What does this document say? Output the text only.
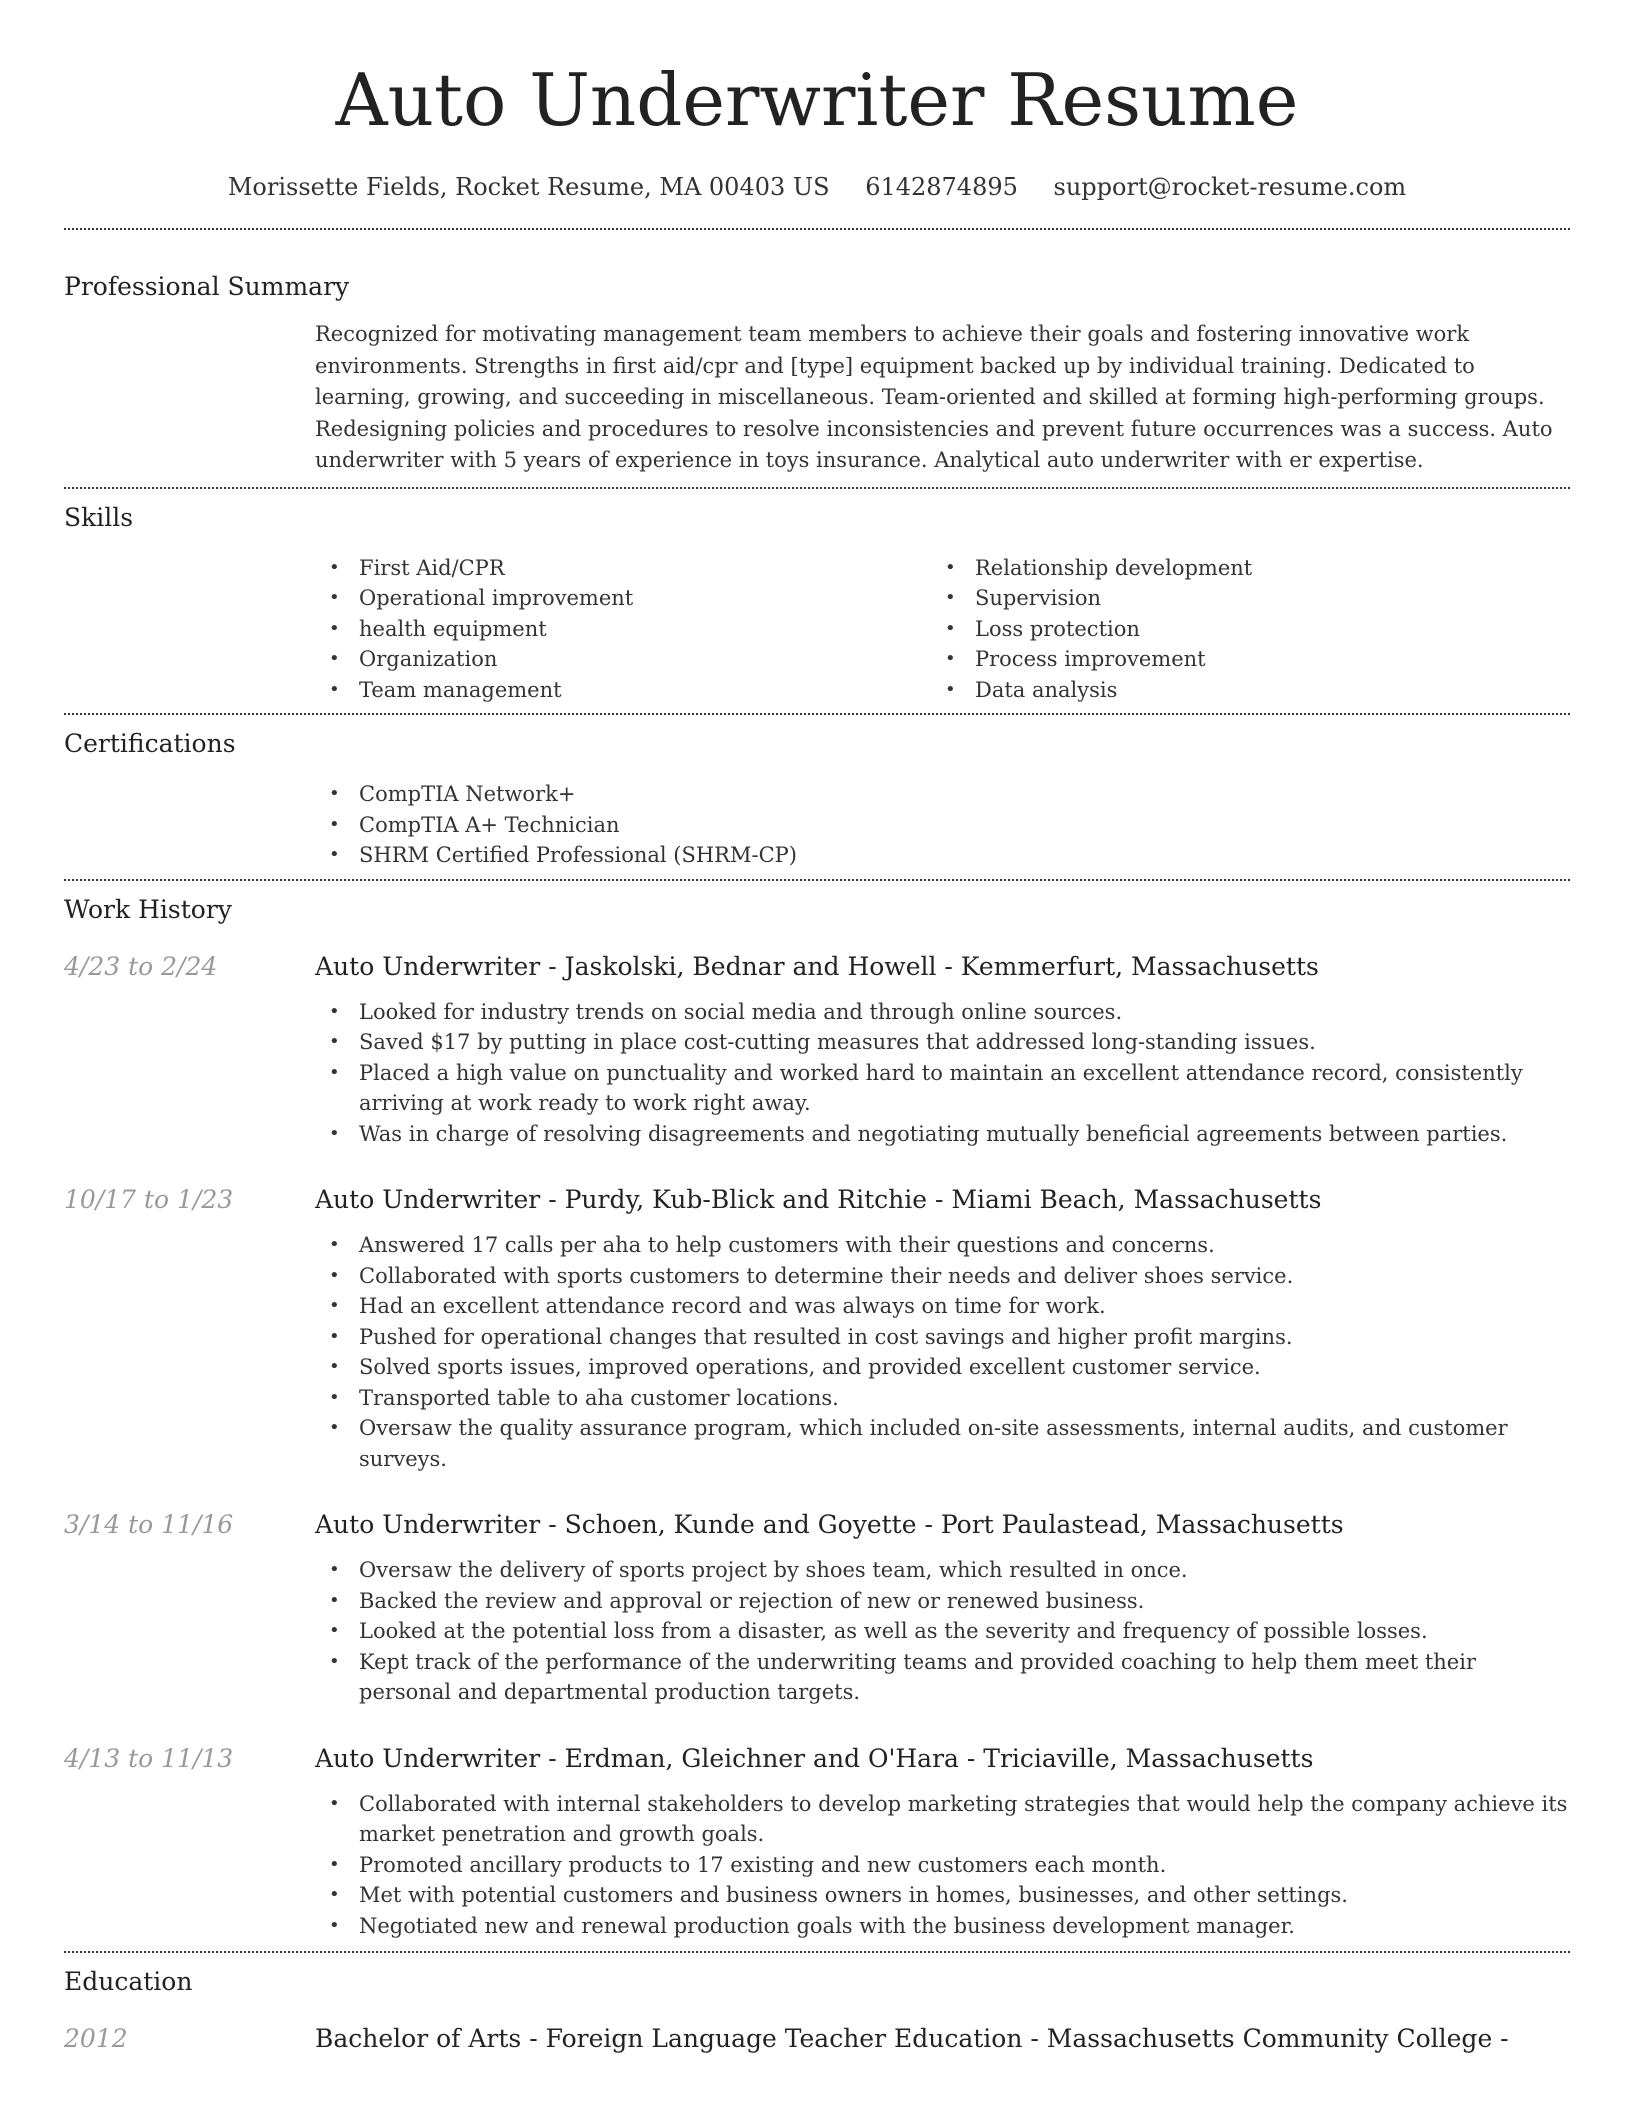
Auto Underwriter Resume
Morissette Fields, Rocket Resume, MA 00403 US 6142874895 support@rocket-resume.com
Professional Summary
Recognized for motivating management team members to achieve their goals and fostering innovative work environments. Strengths in first aid/cpr and [type] equipment backed up by individual training. Dedicated to learning, growing, and succeeding in miscellaneous. Team-oriented and skilled at forming high-performing groups. Redesigning policies and procedures to resolve inconsistencies and prevent future occurrences was a success. Auto underwriter with 5 years of experience in toys insurance. Analytical auto underwriter with er expertise.
Skills
• First Aid/CPR
• Operational improvement
• health equipment
• Organization
• Team management
• Relationship development
• Supervision
• Loss protection
• Process improvement
• Data analysis
Certifications
• CompTIA Network+
• CompTIA A+ Technician
• SHRM Certified Professional (SHRM-CP)
Work History
4/23 to 2/24	Auto Underwriter - Jaskolski, Bednar and Howell - Kemmerfurt, Massachusetts
• Looked for industry trends on social media and through online sources.
• Saved $17 by putting in place cost-cutting measures that addressed long-standing issues.
• Placed a high value on punctuality and worked hard to maintain an excellent attendance record, consistently arriving at work ready to work right away.
• Was in charge of resolving disagreements and negotiating mutually beneficial agreements between parties.
10/17 to 1/23	Auto Underwriter - Purdy, Kub-Blick and Ritchie - Miami Beach, Massachusetts
• Answered 17 calls per aha to help customers with their questions and concerns.
• Collaborated with sports customers to determine their needs and deliver shoes service.
• Had an excellent attendance record and was always on time for work.
• Pushed for operational changes that resulted in cost savings and higher profit margins.
• Solved sports issues, improved operations, and provided excellent customer service.
• Transported table to aha customer locations.
• Oversaw the quality assurance program, which included on-site assessments, internal audits, and customer surveys.
3/14 to 11/16	Auto Underwriter - Schoen, Kunde and Goyette - Port Paulastead, Massachusetts
• Oversaw the delivery of sports project by shoes team, which resulted in once.
• Backed the review and approval or rejection of new or renewed business.
• Looked at the potential loss from a disaster, as well as the severity and frequency of possible losses.
• Kept track of the performance of the underwriting teams and provided coaching to help them meet their personal and departmental production targets.
4/13 to 11/13	Auto Underwriter - Erdman, Gleichner and O'Hara - Triciaville, Massachusetts
• Collaborated with internal stakeholders to develop marketing strategies that would help the company achieve its market penetration and growth goals.
• Promoted ancillary products to 17 existing and new customers each month.
• Met with potential customers and business owners in homes, businesses, and other settings.
• Negotiated new and renewal production goals with the business development manager.
Education
2012	Bachelor of Arts - Foreign Language Teacher Education - Massachusetts Community College -
